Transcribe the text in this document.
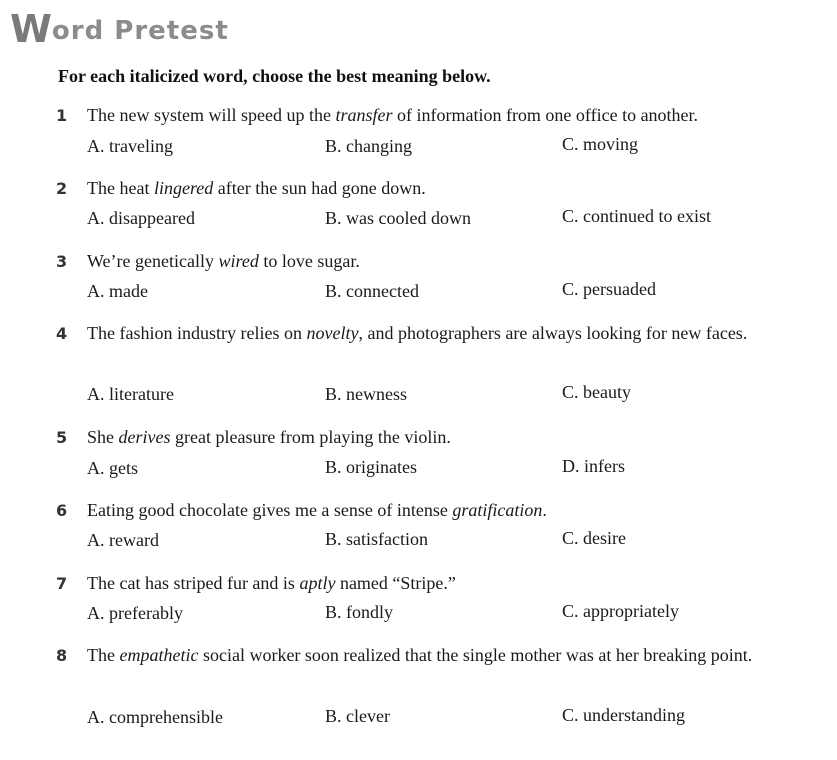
Word Pretest
For each italicized word, choose the best meaning below.
1 The new system will speed up the transfer of information from one office to another.
A. traveling	B. changing	C. moving
2 The heat lingered after the sun had gone down.
A. disappeared	B. was cooled down	C. continued to exist
3 We’re genetically wired to love sugar.
A. made	B. connected	C. persuaded
4 The fashion industry relies on novelty, and photographers are always looking for new faces.
A. literature	B. newness	C. beauty
5 She derives great pleasure from playing the violin.
A. gets	B. originates	D. infers
6 Eating good chocolate gives me a sense of intense gratification.
A. reward	B. satisfaction	C. desire
7 The cat has striped fur and is aptly named “Stripe.”
A. preferably	B. fondly	C. appropriately
8 The empathetic social worker soon realized that the single mother was at her breaking point.
A. comprehensible	B. clever	C. understanding
